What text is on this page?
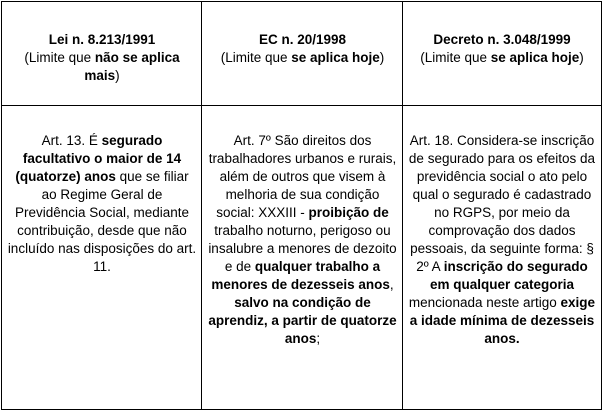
Lei n. 8.213/1991
(Limite que não se aplica mais)
EC n. 20/1998
(Limite que se aplica hoje)
Decreto n. 3.048/1999
(Limite que se aplica hoje)
Art. 13. É segurado facultativo o maior de 14 (quatorze) anos que se filiar ao Regime Geral de Previdência Social, mediante contribuição, desde que não incluído nas disposições do art. 11.
Art. 7º São direitos dos trabalhadores urbanos e rurais, além de outros que visem à melhoria de sua condição social: XXXIII - proibição de trabalho noturno, perigoso ou insalubre a menores de dezoito e de qualquer trabalho a menores de dezesseis anos, salvo na condição de aprendiz, a partir de quatorze anos;
Art. 18. Considera-se inscrição de segurado para os efeitos da previdência social o ato pelo qual o segurado é cadastrado no RGPS, por meio da comprovação dos dados pessoais, da seguinte forma: § 2º A inscrição do segurado em qualquer categoria mencionada neste artigo exige a idade mínima de dezesseis anos.
